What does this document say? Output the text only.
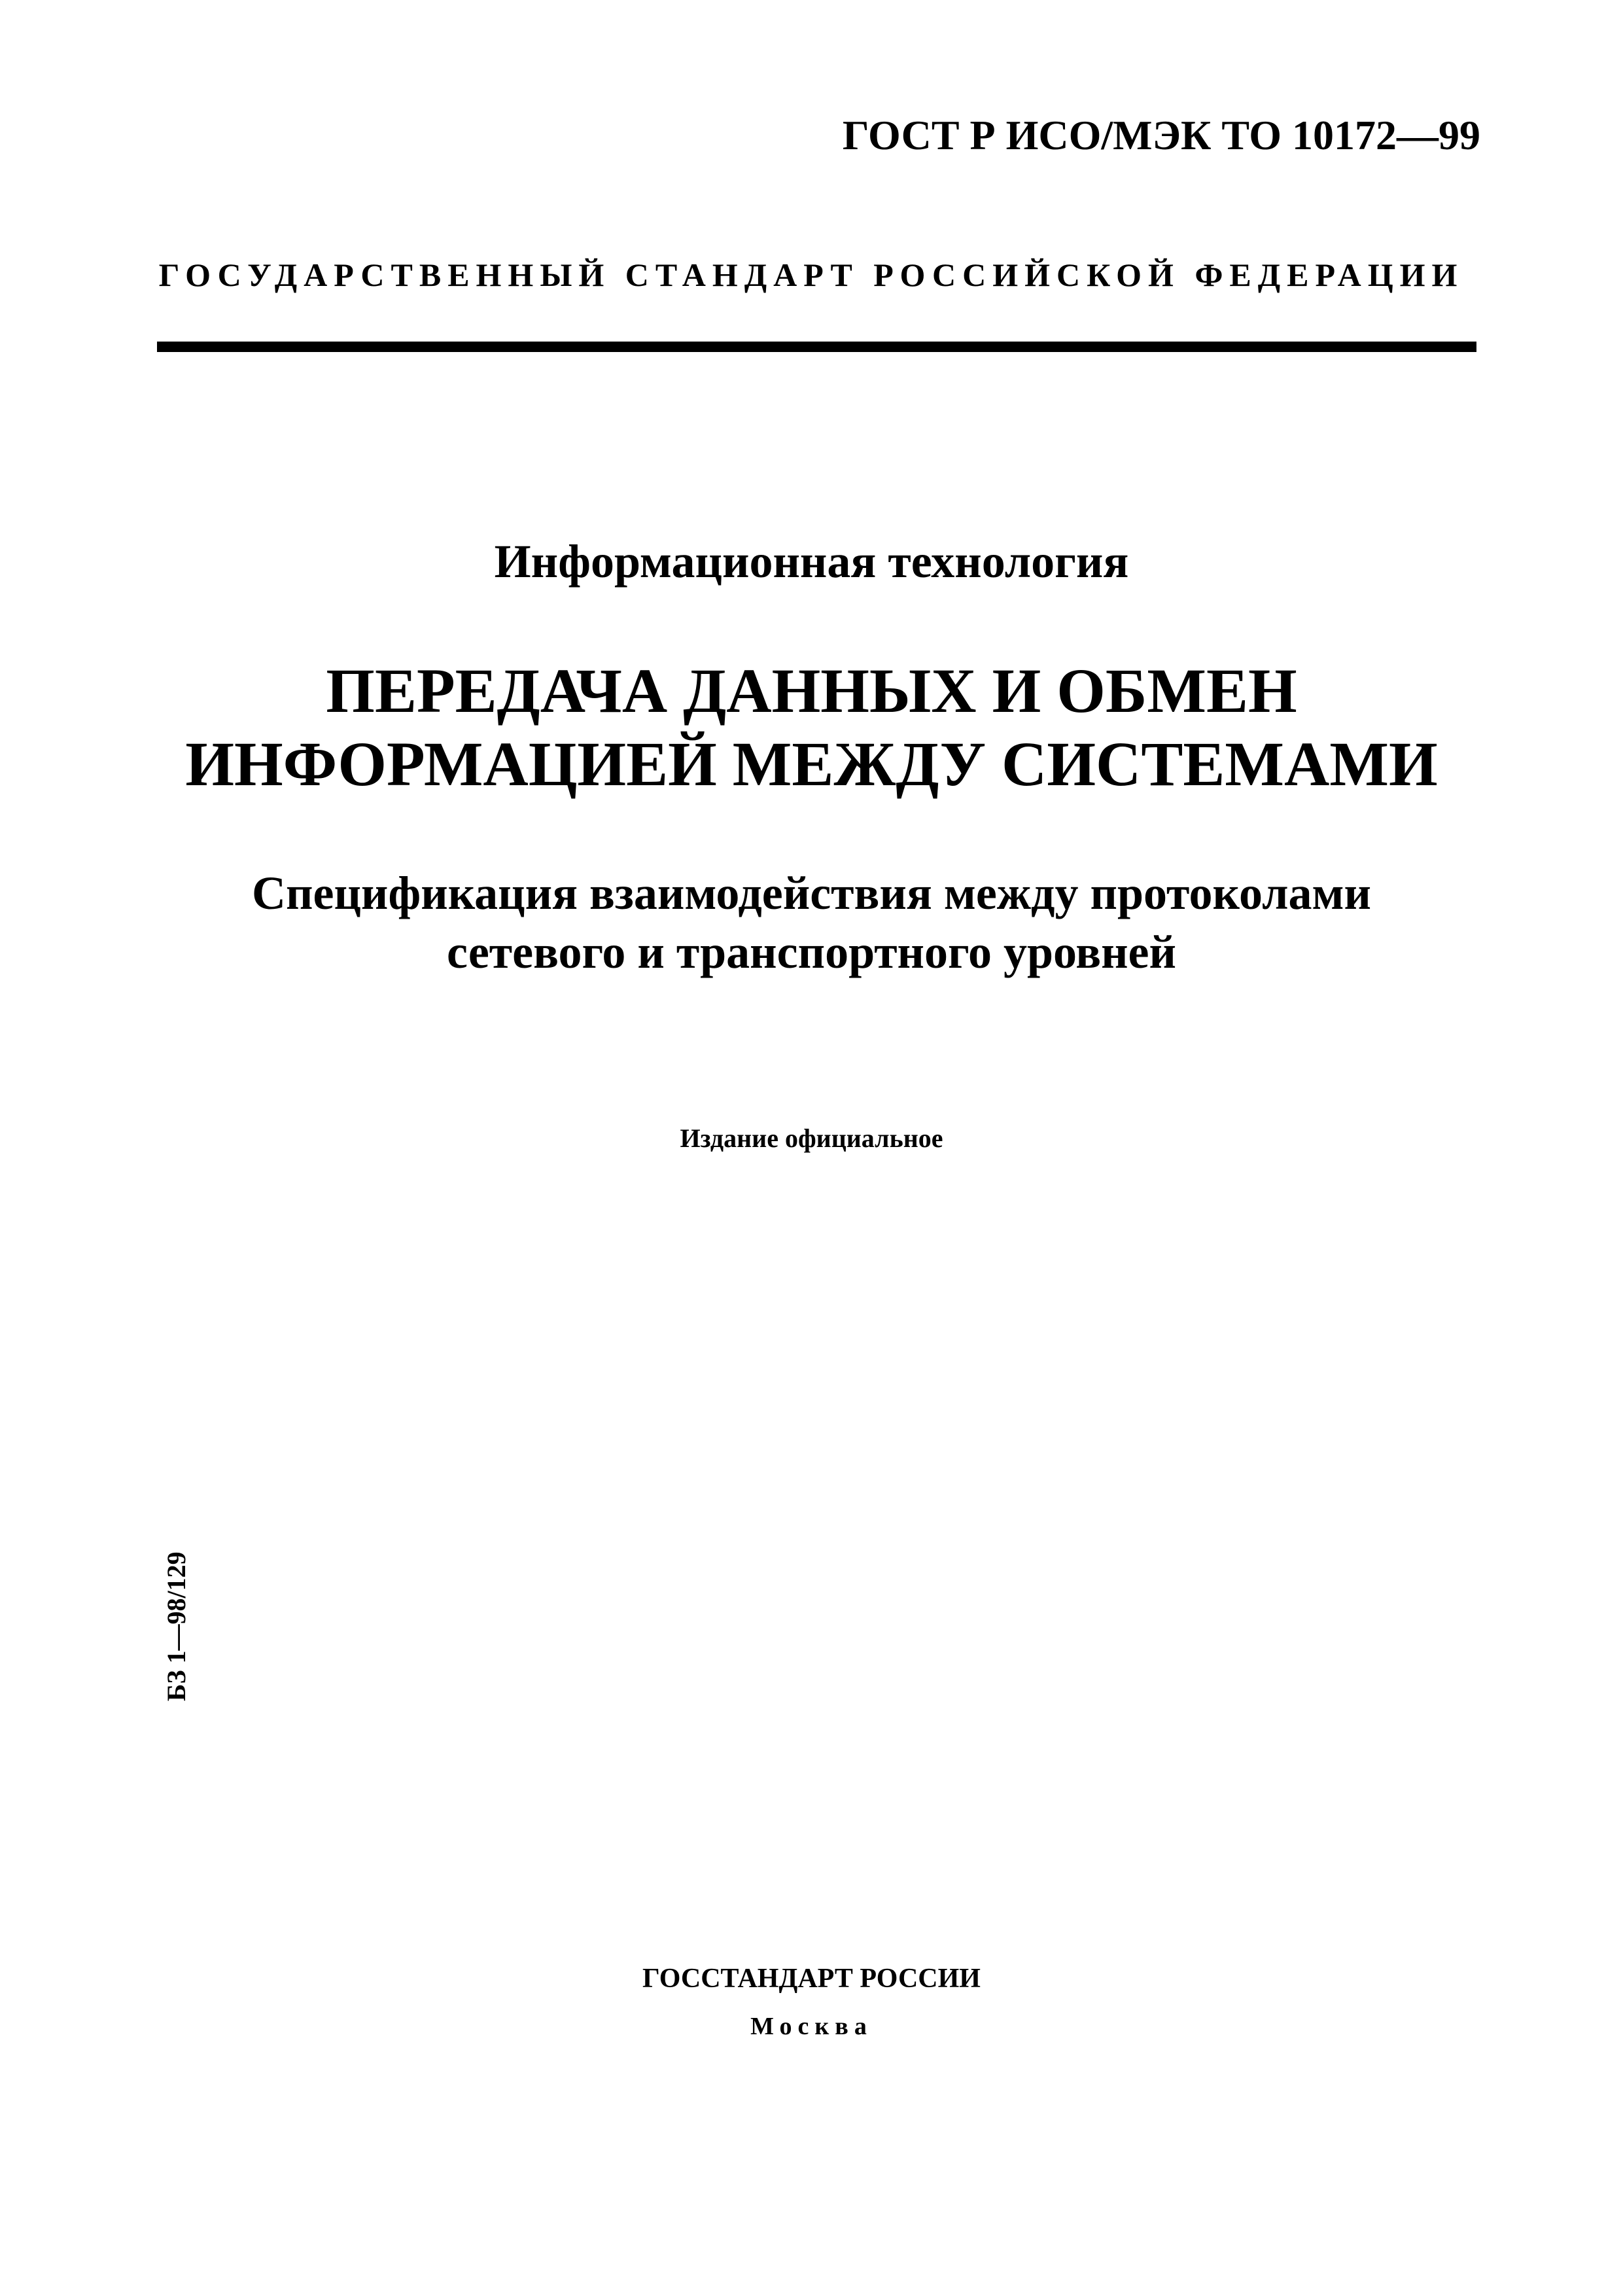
ГОСТ Р ИСО/МЭК ТО 10172—99
ГОСУДАРСТВЕННЫЙ СТАНДАРТ РОССИЙСКОЙ ФЕДЕРАЦИИ
Информационная технология
ПЕРЕДАЧА ДАННЫХ И ОБМЕН
ИНФОРМАЦИЕЙ МЕЖДУ СИСТЕМАМИ
Спецификация взаимодействия между протоколами
сетевого и транспортного уровней
Издание официальное
БЗ 1—98/129
ГОССТАНДАРТ РОССИИ
Москва
